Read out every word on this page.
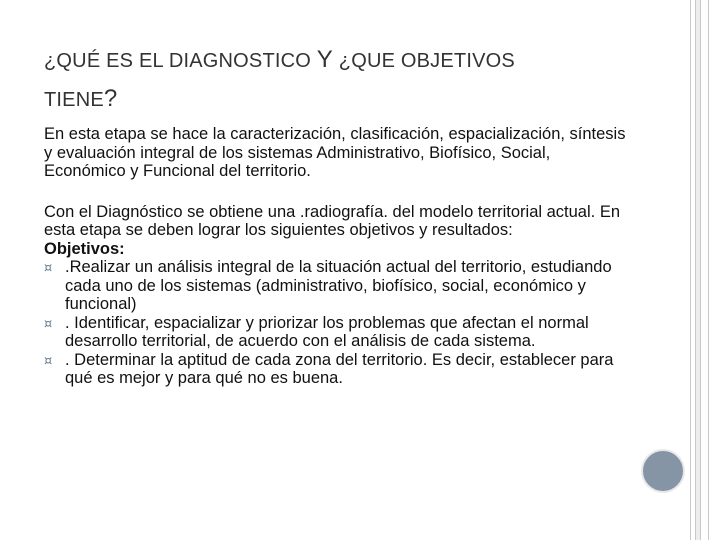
¿QUÉ ES EL DIAGNOSTICO Y ¿QUE OBJETIVOS
TIENE?

En esta etapa se hace la caracterización, clasificación, espacialización, síntesis y evaluación integral de los sistemas Administrativo, Biofísico, Social, Económico y Funcional del territorio.

Con el Diagnóstico se obtiene una .radiografía. del modelo territorial actual. En esta etapa se deben lograr los siguientes objetivos y resultados:

Objetivos:

¤ .Realizar un análisis integral de la situación actual del territorio, estudiando cada uno de los sistemas (administrativo, biofísico, social, económico y funcional)

¤ . Identificar, espacializar y priorizar los problemas que afectan el normal desarrollo territorial, de acuerdo con el análisis de cada sistema.

¤ . Determinar la aptitud de cada zona del territorio. Es decir, establecer para qué es mejor y para qué no es buena.
